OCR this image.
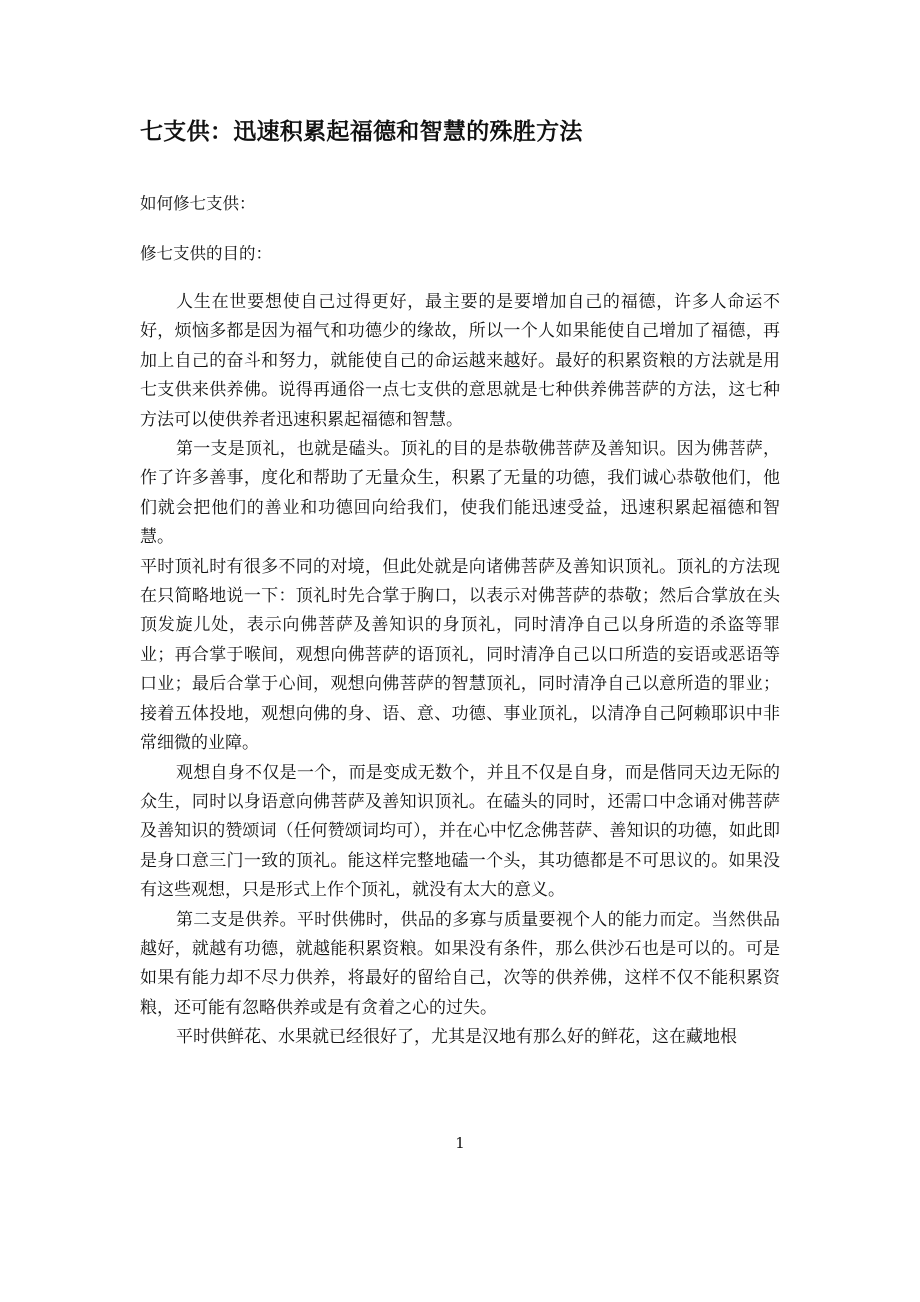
七支供：迅速积累起福德和智慧的殊胜方法

如何修七支供：

修七支供的目的：

人生在世要想使自己过得更好，最主要的是要增加自己的福德，许多人命运不好，烦恼多都是因为福气和功德少的缘故，所以一个人如果能使自己增加了福德，再加上自己的奋斗和努力，就能使自己的命运越来越好。最好的积累资粮的方法就是用七支供来供养佛。说得再通俗一点七支供的意思就是七种供养佛菩萨的方法，这七种方法可以使供养者迅速积累起福德和智慧。

第一支是顶礼，也就是磕头。顶礼的目的是恭敬佛菩萨及善知识。因为佛菩萨，作了许多善事，度化和帮助了无量众生，积累了无量的功德，我们诚心恭敬他们，他们就会把他们的善业和功德回向给我们，使我们能迅速受益，迅速积累起福德和智慧。

平时顶礼时有很多不同的对境，但此处就是向诸佛菩萨及善知识顶礼。顶礼的方法现在只简略地说一下：顶礼时先合掌于胸口，以表示对佛菩萨的恭敬；然后合掌放在头顶发旋儿处，表示向佛菩萨及善知识的身顶礼，同时清净自己以身所造的杀盗等罪业；再合掌于喉间，观想向佛菩萨的语顶礼，同时清净自己以口所造的妄语或恶语等口业；最后合掌于心间，观想向佛菩萨的智慧顶礼，同时清净自己以意所造的罪业；接着五体投地，观想向佛的身、语、意、功德、事业顶礼，以清净自己阿赖耶识中非常细微的业障。

观想自身不仅是一个，而是变成无数个，并且不仅是自身，而是偕同天边无际的众生，同时以身语意向佛菩萨及善知识顶礼。在磕头的同时，还需口中念诵对佛菩萨及善知识的赞颂词（任何赞颂词均可），并在心中忆念佛菩萨、善知识的功德，如此即是身口意三门一致的顶礼。能这样完整地磕一个头，其功德都是不可思议的。如果没有这些观想，只是形式上作个顶礼，就没有太大的意义。

第二支是供养。平时供佛时，供品的多寡与质量要视个人的能力而定。当然供品越好，就越有功德，就越能积累资粮。如果没有条件，那么供沙石也是可以的。可是如果有能力却不尽力供养，将最好的留给自己，次等的供养佛，这样不仅不能积累资粮，还可能有忽略供养或是有贪着之心的过失。

平时供鲜花、水果就已经很好了，尤其是汉地有那么好的鲜花，这在藏地根

1
